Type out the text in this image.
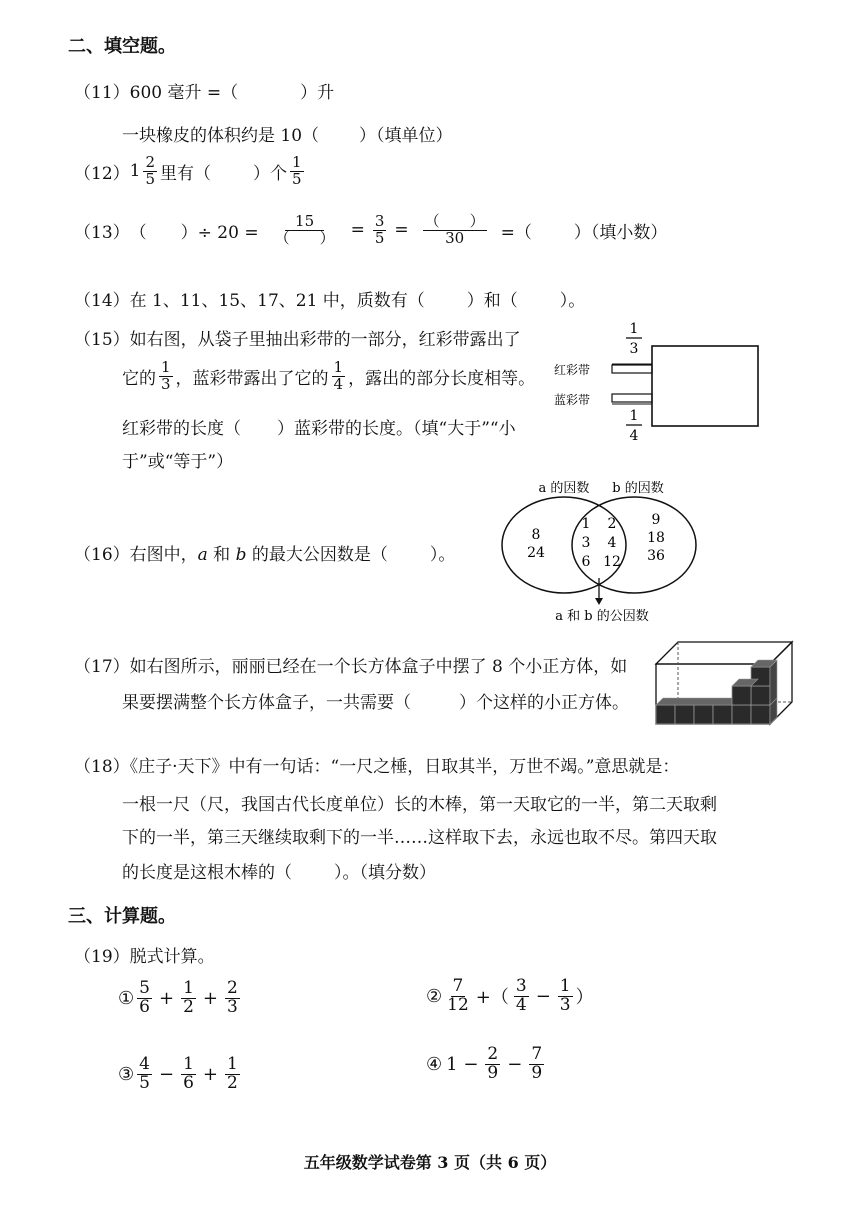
二、填空题。
（11）600 毫升 =（	）升
一块橡皮的体积约是 10（ ）（填单位）
（12） $1 \frac{2}{5}$ 里有（ ）个 $\frac{1}{5}$
（13） （ ）÷ $20 = \frac{15}{( )} = \frac{3}{5} = \frac{( )}{30}$ =（ ）（填小数）
（14）在 1、11、15、17、21 中，质数有（ ）和（ ）。
（15）如右图，从袋子里抽出彩带的一部分，红彩带露出了
它的 $\frac{1}{3}$ ，蓝彩带露出了它的 $\frac{1}{4}$ ，露出的部分长度相等。
红彩带的长度（ ）蓝彩带的长度。（填“大于”“小
于”或“等于”）
1
3
红彩带
蓝彩带
1
4
（16）右图中，a 和 b 的最大公因数是（ ）。
a 的因数 b 的因数
8
24
1 2
3 4
6 12
9
18
36
a 和 b 的公因数
（17）如右图所示，丽丽已经在一个长方体盒子中摆了 8 个小正方体，如
果要摆满整个长方体盒子，一共需要（	）个这样的小正方体。
（18）《庄子·天下》中有一句话：“一尺之棰，日取其半，万世不竭。”意思就是：
一根一尺（尺，我国古代长度单位）长的木棒，第一天取它的一半，第二天取剩
下的一半，第三天继续取剩下的一半……这样取下去，永远也取不尽。第四天取
的长度是这根木棒的（ ）。（填分数）
三、计算题。
（19）脱式计算。
① $\frac{5}{6} + \frac{1}{2} + \frac{2}{3}$	② $\frac{7}{12}$ +（ $\frac{3}{4} - \frac{1}{3}$ ）
③ $\frac{4}{5} - \frac{1}{6} + \frac{1}{2}$	④ $1 - \frac{2}{9} - \frac{7}{9}$
五年级数学试卷第 3 页（共 6 页）
